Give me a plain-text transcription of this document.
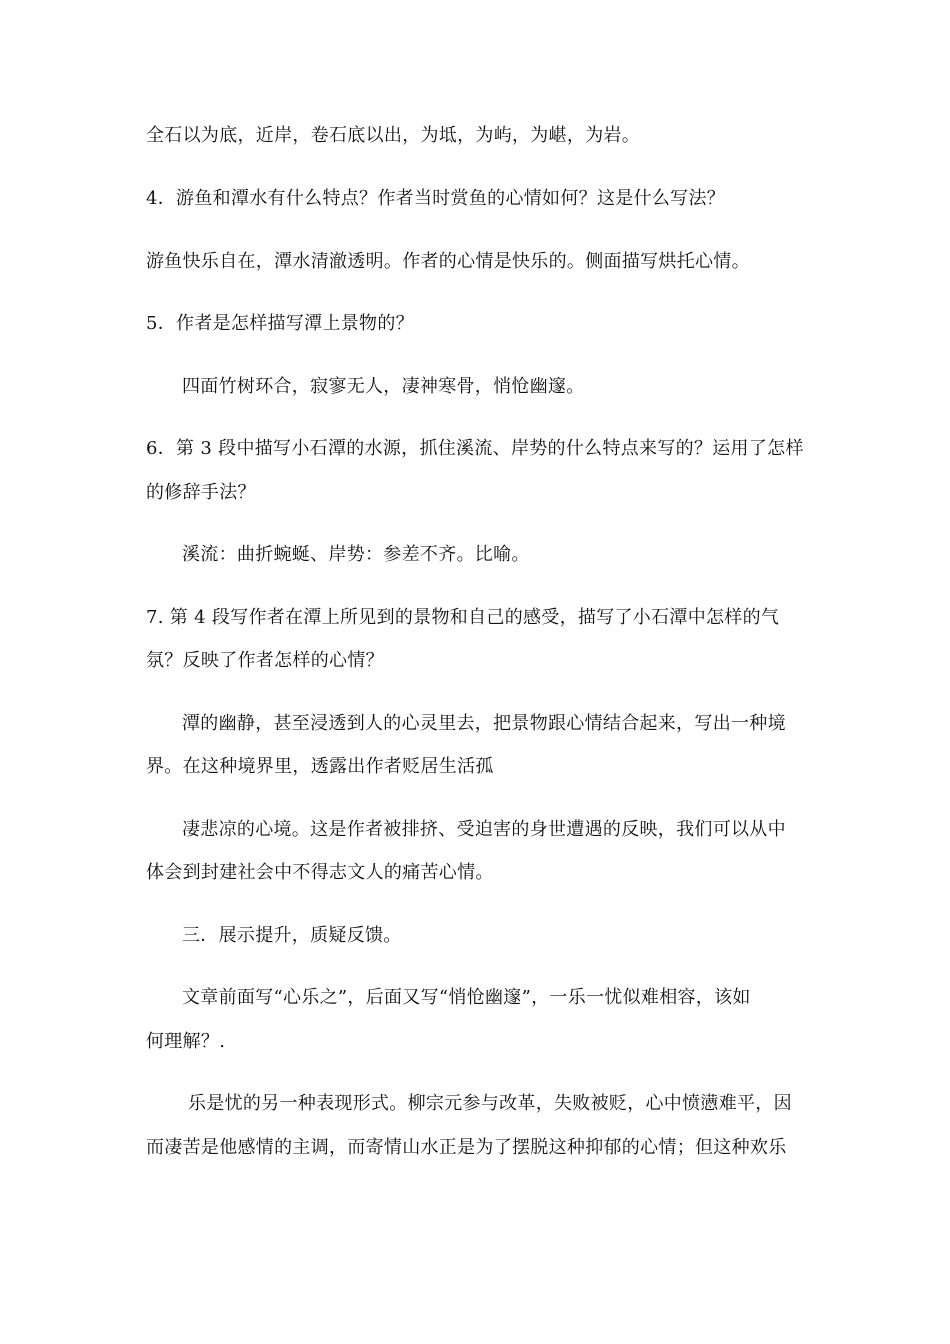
全石以为底，近岸，卷石底以出，为坻，为屿，为嵁，为岩。
4．游鱼和潭水有什么特点？作者当时赏鱼的心情如何？这是什么写法？
游鱼快乐自在，潭水清澈透明。作者的心情是快乐的。侧面描写烘托心情。
5．作者是怎样描写潭上景物的？
四面竹树环合，寂寥无人，凄神寒骨，悄怆幽邃。
6．第 3 段中描写小石潭的水源，抓住溪流、岸势的什么特点来写的？运用了怎样
的修辞手法？
溪流：曲折蜿蜒、岸势：参差不齐。比喻。
7. 第 4 段写作者在潭上所见到的景物和自己的感受，描写了小石潭中怎样的气
氛？反映了作者怎样的心情？
潭的幽静，甚至浸透到人的心灵里去，把景物跟心情结合起来，写出一种境
界。在这种境界里，透露出作者贬居生活孤
凄悲凉的心境。这是作者被排挤、受迫害的身世遭遇的反映，我们可以从中
体会到封建社会中不得志文人的痛苦心情。
三．展示提升，质疑反馈。
文章前面写“心乐之”，后面又写“悄怆幽邃”，一乐一忧似难相容，该如
何理解？.
乐是忧的另一种表现形式。柳宗元参与改革，失败被贬，心中愤懑难平，因
而凄苦是他感情的主调，而寄情山水正是为了摆脱这种抑郁的心情；但这种欢乐
